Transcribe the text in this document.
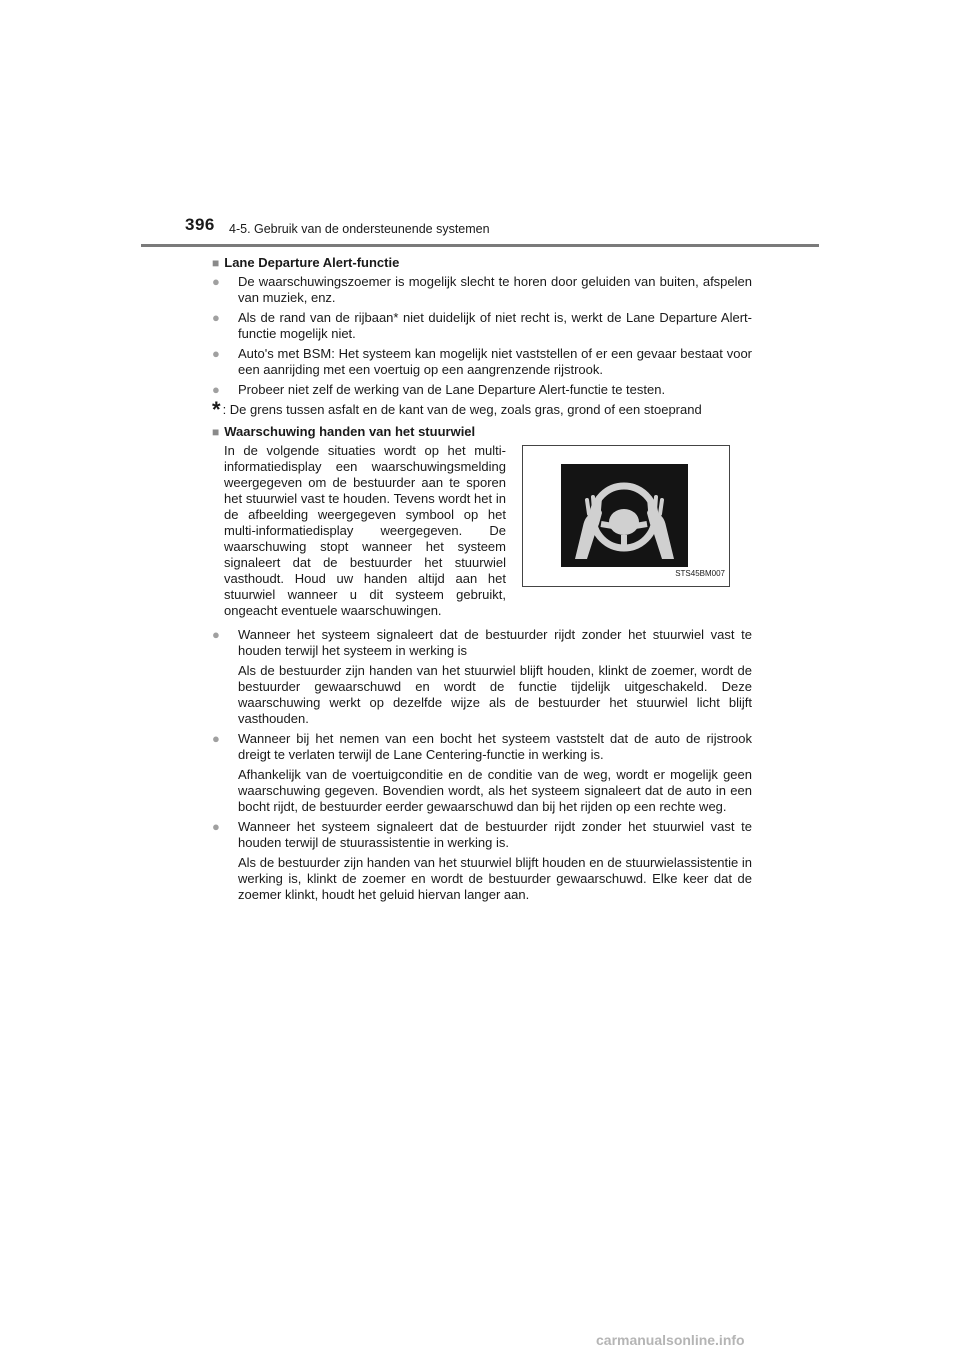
396 4-5. Gebruik van de ondersteunende systemen
■ Lane Departure Alert-functie
●	De waarschuwingszoemer is mogelijk slecht te horen door geluiden van buiten, afspelen van muziek, enz.
●	Als de rand van de rijbaan* niet duidelijk of niet recht is, werkt de Lane Departure Alert-functie mogelijk niet.
●	Auto's met BSM: Het systeem kan mogelijk niet vaststellen of er een gevaar bestaat voor een aanrijding met een voertuig op een aangrenzende rijstrook.
●	Probeer niet zelf de werking van de Lane Departure Alert-functie te testen.
* : De grens tussen asfalt en de kant van de weg, zoals gras, grond of een stoeprand
■ Waarschuwing handen van het stuurwiel
In de volgende situaties wordt op het multi-informatiedisplay een waarschuwingsmelding weergegeven om de bestuurder aan te sporen het stuurwiel vast te houden. Tevens wordt het in de afbeelding weergegeven symbool op het multi-informatiedisplay weergegeven. De waarschuwing stopt wanneer het systeem signaleert dat de bestuurder het stuurwiel vasthoudt. Houd uw handen altijd aan het stuurwiel wanneer u dit systeem gebruikt, ongeacht eventuele waarschuwingen.
STS45BM007
●	Wanneer het systeem signaleert dat de bestuurder rijdt zonder het stuurwiel vast te houden terwijl het systeem in werking is
Als de bestuurder zijn handen van het stuurwiel blijft houden, klinkt de zoemer, wordt de bestuurder gewaarschuwd en wordt de functie tijdelijk uitgeschakeld. Deze waarschuwing werkt op dezelfde wijze als de bestuurder het stuurwiel licht blijft vasthouden.
●	Wanneer bij het nemen van een bocht het systeem vaststelt dat de auto de rijstrook dreigt te verlaten terwijl de Lane Centering-functie in werking is.
Afhankelijk van de voertuigconditie en de conditie van de weg, wordt er mogelijk geen waarschuwing gegeven. Bovendien wordt, als het systeem signaleert dat de auto in een bocht rijdt, de bestuurder eerder gewaarschuwd dan bij het rijden op een rechte weg.
●	Wanneer het systeem signaleert dat de bestuurder rijdt zonder het stuurwiel vast te houden terwijl de stuurassistentie in werking is.
Als de bestuurder zijn handen van het stuurwiel blijft houden en de stuurwielassistentie in werking is, klinkt de zoemer en wordt de bestuurder gewaarschuwd. Elke keer dat de zoemer klinkt, houdt het geluid hiervan langer aan.
carmanualsonline.info
